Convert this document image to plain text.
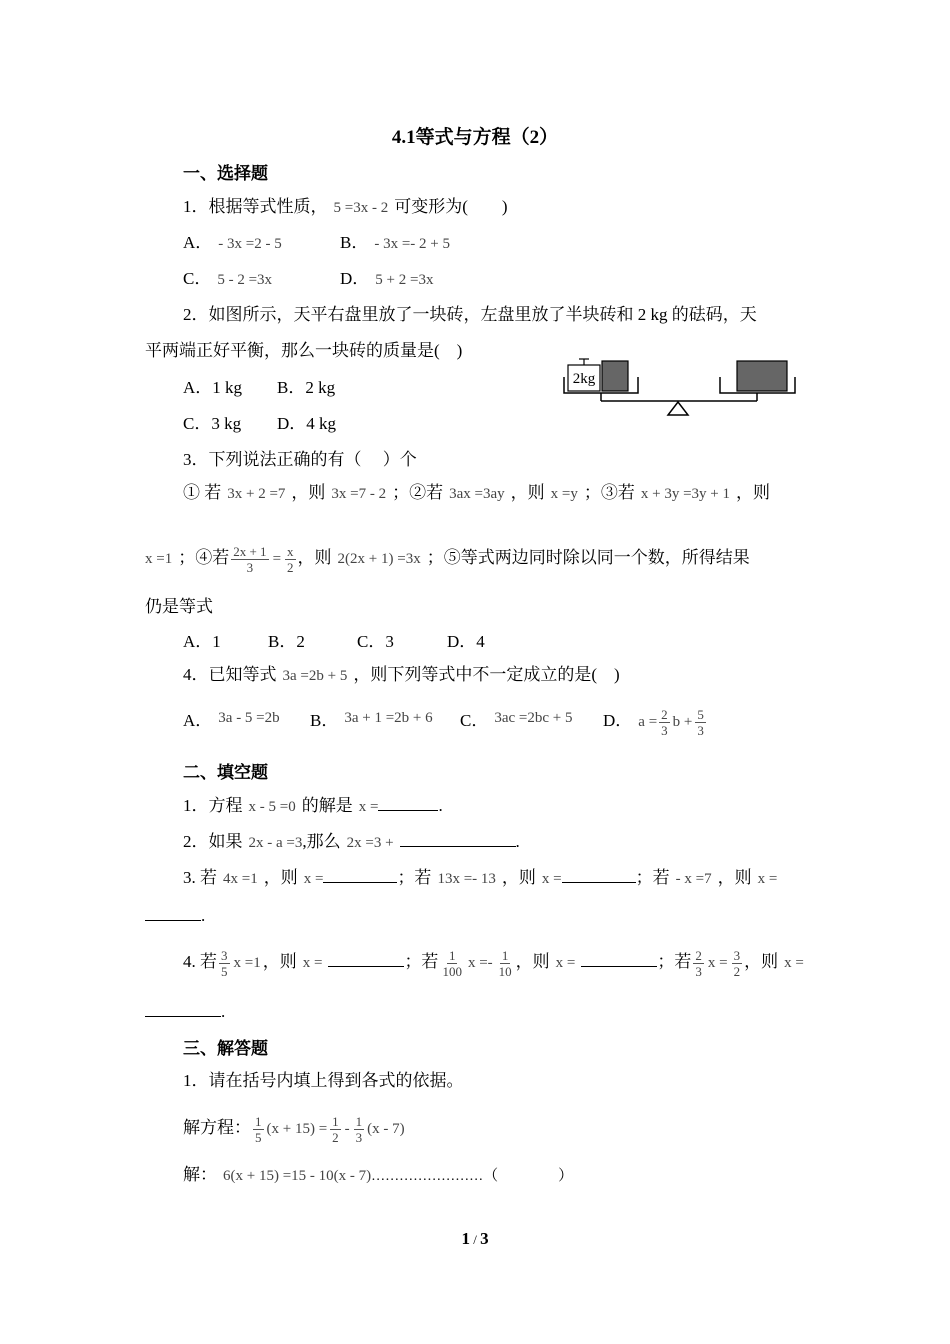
4.1等式与方程（2）
一、选择题
1．根据等式性质， 5 =3x - 2 可变形为(　　)
A． - 3x =2 - 5	B． - 3x =- 2 + 5
C． 5 - 2 =3x	D． 5 + 2 =3x
2．如图所示，天平右盘里放了一块砖，左盘里放了半块砖和 2 kg 的砝码，天
平两端正好平衡，那么一块砖的质量是(　)
A．1 kg B．2 kg
C．3 kg D．4 kg
2kg
3．下列说法正确的有（　 ）个
① 若 3x + 2 =7 ，则 3x =7 - 2 ；②若 3ax =3ay ，则 x =y ；③若 x + 3y =3y + 1 ，则
x =1 ；④若 $\frac{2x + 1}{3} = \frac{x}{2}$ ，则 2(2x + 1) =3x ；⑤等式两边同时除以同一个数，所得结果
仍是等式
A．1	B．2	C．3	D．4
4．已知等式 3a =2b + 5 ，则下列等式中不一定成立的是(　)
A． 3a - 5 =2b	B． 3a + 1 =2b + 6	C． 3ac =2bc + 5	D． $a = \frac{2}{3}$ $b + \frac{5}{3}$
二、填空题
1．方程 x - 5 =0 的解是 x =	.
2．如果 2x - a =3,那么 2x =3 +	.
3. 若 4x =1 ，则 x =	；若 13x =- 13 ，则 x =	；若 - x =7 ，则 x =
.
4. 若 $\frac{3}{5}$ x =1 ，则 x =	；若 $\frac{1}{100}$ $x =- \frac{1}{10}$ ，则 x =	；若 $\frac{2}{3}$ $x = \frac{3}{2}$ ，则 x =
.
三、解答题
1．请在括号内填上得到各式的依据。
解方程： $\frac{1}{5} (x + 15) = \frac{1}{2} - \frac{1}{3} (x - 7)$
解： 6(x + 15) =15 - 10(x - 7)……………………（　　　　）
1 / 3
